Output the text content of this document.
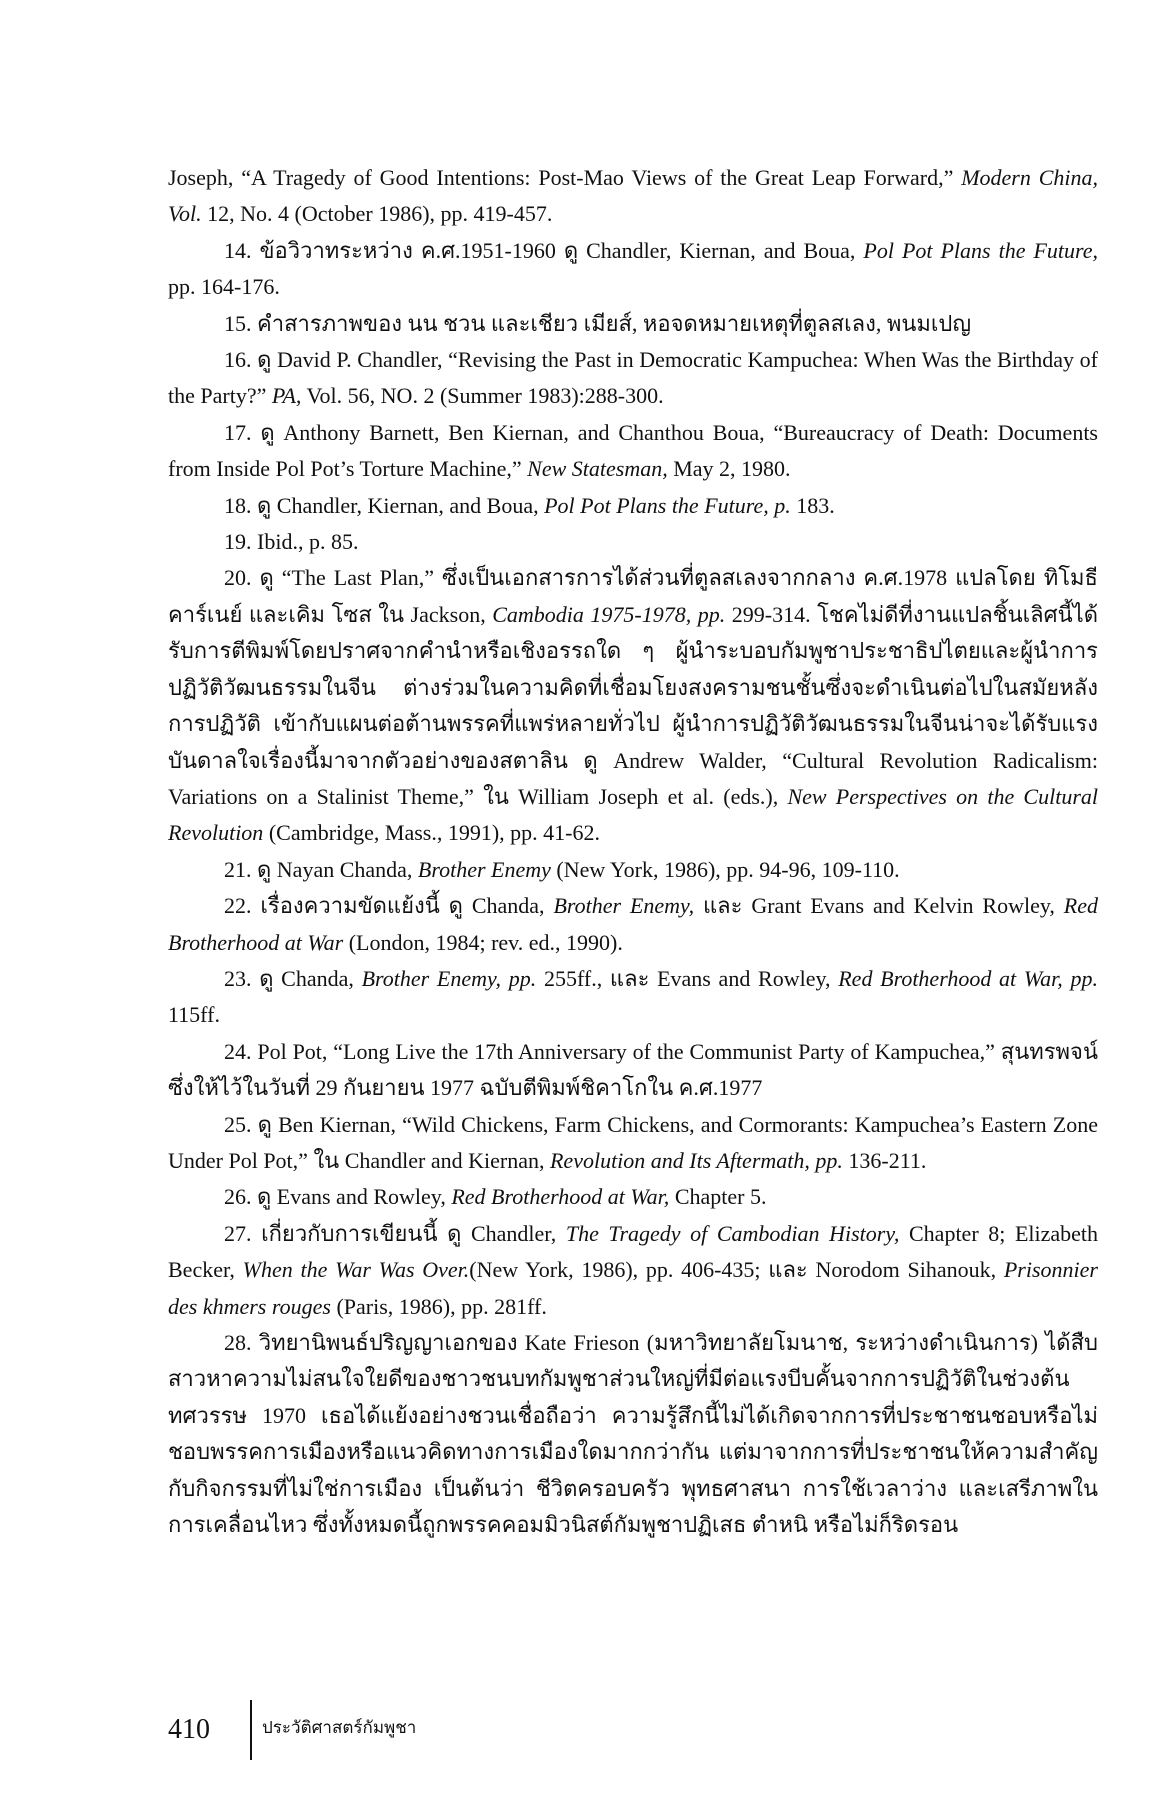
Joseph, “A Tragedy of Good Intentions: Post-Mao Views of the Great Leap Forward,” Modern China, Vol. 12, No. 4 (October 1986), pp. 419-457.

14. ข้อวิวาทระหว่าง ค.ศ.1951-1960 ดู Chandler, Kiernan, and Boua, Pol Pot Plans the Future, pp. 164-176.

15. คำสารภาพของ นน ชวน และเชียว เมียส์, หอจดหมายเหตุที่ตูลสเลง, พนมเปญ

16. ดู David P. Chandler, “Revising the Past in Democratic Kampuchea: When Was the Birthday of the Party?” PA, Vol. 56, NO. 2 (Summer 1983):288-300.

17. ดู Anthony Barnett, Ben Kiernan, and Chanthou Boua, “Bureaucracy of Death: Documents from Inside Pol Pot’s Torture Machine,” New Statesman, May 2, 1980.

18. ดู Chandler, Kiernan, and Boua, Pol Pot Plans the Future, p. 183.

19. Ibid., p. 85.

20. ดู “The Last Plan,” ซึ่งเป็นเอกสารการได้ส่วนที่ตูลสเลงจากกลาง ค.ศ.1978 แปลโดย ทิโมธี คาร์เนย์ และเคิม โซส ใน Jackson, Cambodia 1975-1978, pp. 299-314. โชคไม่ดีที่งานแปลชิ้นเลิศนี้ได้รับการตีพิมพ์โดยปราศจากคำนำหรือเชิงอรรถใด ๆ ผู้นำระบอบกัมพูชาประชาธิปไตยและผู้นำการปฏิวัติวัฒนธรรมในจีน ต่างร่วมในความคิดที่เชื่อมโยงสงครามชนชั้นซึ่งจะดำเนินต่อไปในสมัยหลังการปฏิวัติ เข้ากับแผนต่อต้านพรรคที่แพร่หลายทั่วไป ผู้นำการปฏิวัติวัฒนธรรมในจีนน่าจะได้รับแรงบันดาลใจเรื่องนี้มาจากตัวอย่างของสตาลิน ดู Andrew Walder, “Cultural Revolution Radicalism: Variations on a Stalinist Theme,” ใน William Joseph et al. (eds.), New Perspectives on the Cultural Revolution (Cambridge, Mass., 1991), pp. 41-62.

21. ดู Nayan Chanda, Brother Enemy (New York, 1986), pp. 94-96, 109-110.

22. เรื่องความขัดแย้งนี้ ดู Chanda, Brother Enemy, และ Grant Evans and Kelvin Rowley, Red Brotherhood at War (London, 1984; rev. ed., 1990).

23. ดู Chanda, Brother Enemy, pp. 255ff., และ Evans and Rowley, Red Brotherhood at War, pp. 115ff.

24. Pol Pot, “Long Live the 17th Anniversary of the Communist Party of Kampuchea,” สุนทรพจน์ซึ่งให้ไว้ในวันที่ 29 กันยายน 1977 ฉบับตีพิมพ์ชิคาโกใน ค.ศ.1977

25. ดู Ben Kiernan, “Wild Chickens, Farm Chickens, and Cormorants: Kampuchea’s Eastern Zone Under Pol Pot,” ใน Chandler and Kiernan, Revolution and Its Aftermath, pp. 136-211.

26. ดู Evans and Rowley, Red Brotherhood at War, Chapter 5.

27. เกี่ยวกับการเขียนนี้ ดู Chandler, The Tragedy of Cambodian History, Chapter 8; Elizabeth Becker, When the War Was Over.(New York, 1986), pp. 406-435; และ Norodom Sihanouk, Prisonnier des khmers rouges (Paris, 1986), pp. 281ff.

28. วิทยานิพนธ์ปริญญาเอกของ Kate Frieson (มหาวิทยาลัยโมนาช, ระหว่างดำเนินการ) ได้สืบสาวหาความไม่สนใจใยดีของชาวชนบทกัมพูชาส่วนใหญ่ที่มีต่อแรงบีบคั้นจากการปฏิวัติในช่วงต้นทศวรรษ 1970 เธอได้แย้งอย่างชวนเชื่อถือว่า ความรู้สึกนี้ไม่ได้เกิดจากการที่ประชาชนชอบหรือไม่ชอบพรรคการเมืองหรือแนวคิดทางการเมืองใดมากกว่ากัน แต่มาจากการที่ประชาชนให้ความสำคัญกับกิจกรรมที่ไม่ใช่การเมือง เป็นต้นว่า ชีวิตครอบครัว พุทธศาสนา การใช้เวลาว่าง และเสรีภาพในการเคลื่อนไหว ซึ่งทั้งหมดนี้ถูกพรรคคอมมิวนิสต์กัมพูชาปฏิเสธ ตำหนิ หรือไม่ก็ริดรอน

410	ประวัติศาสตร์กัมพูชา
